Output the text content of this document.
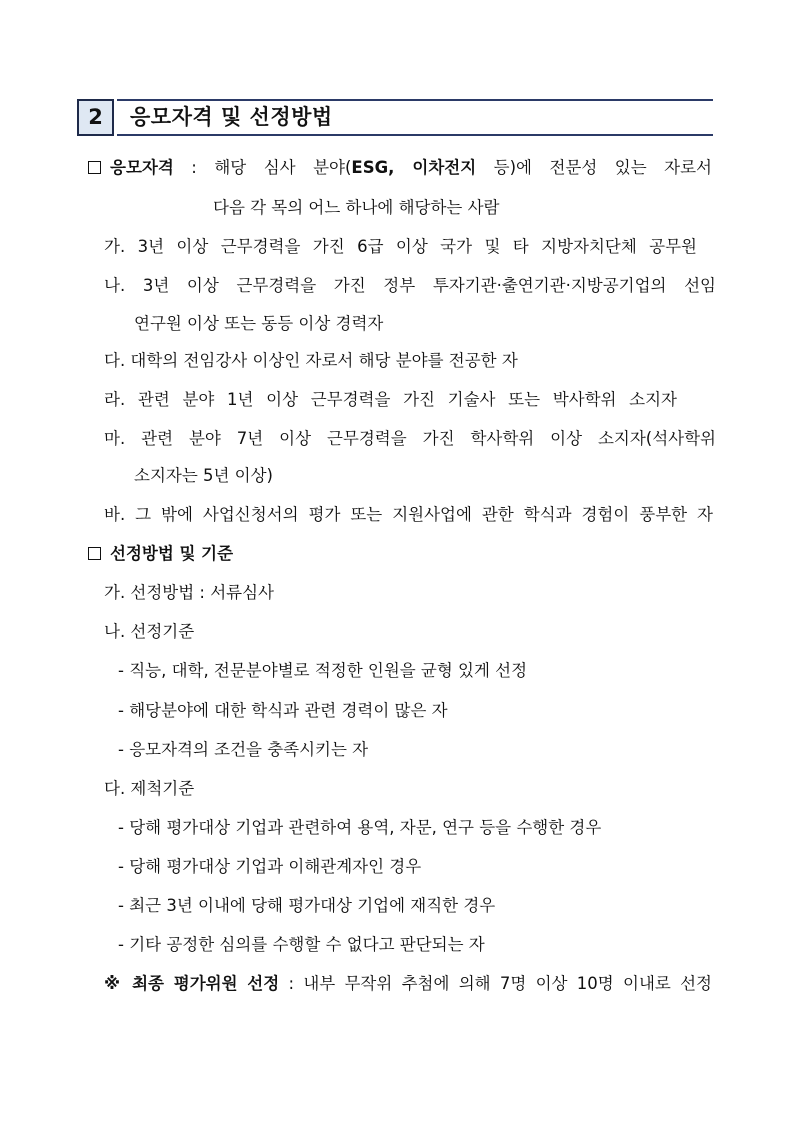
2	응모자격 및 선정방법
응모자격 : 해당 심사 분야(ESG, 이차전지 등)에 전문성 있는 자로서
다음 각 목의 어느 하나에 해당하는 사람
가. 3년 이상 근무경력을 가진 6급 이상 국가 및 타 지방자치단체 공무원
나. 3년 이상 근무경력을 가진 정부 투자기관·출연기관·지방공기업의 선임
연구원 이상 또는 동등 이상 경력자
다. 대학의 전임강사 이상인 자로서 해당 분야를 전공한 자
라. 관련 분야 1년 이상 근무경력을 가진 기술사 또는 박사학위 소지자
마. 관련 분야 7년 이상 근무경력을 가진 학사학위 이상 소지자(석사학위
소지자는 5년 이상)
바. 그 밖에 사업신청서의 평가 또는 지원사업에 관한 학식과 경험이 풍부한 자
선정방법 및 기준
가. 선정방법 : 서류심사
나. 선정기준
- 직능, 대학, 전문분야별로 적정한 인원을 균형 있게 선정
- 해당분야에 대한 학식과 관련 경력이 많은 자
- 응모자격의 조건을 충족시키는 자
다. 제척기준
- 당해 평가대상 기업과 관련하여 용역, 자문, 연구 등을 수행한 경우
- 당해 평가대상 기업과 이해관계자인 경우
- 최근 3년 이내에 당해 평가대상 기업에 재직한 경우
- 기타 공정한 심의를 수행할 수 없다고 판단되는 자
※ 최종 평가위원 선정 : 내부 무작위 추첨에 의해 7명 이상 10명 이내로 선정
